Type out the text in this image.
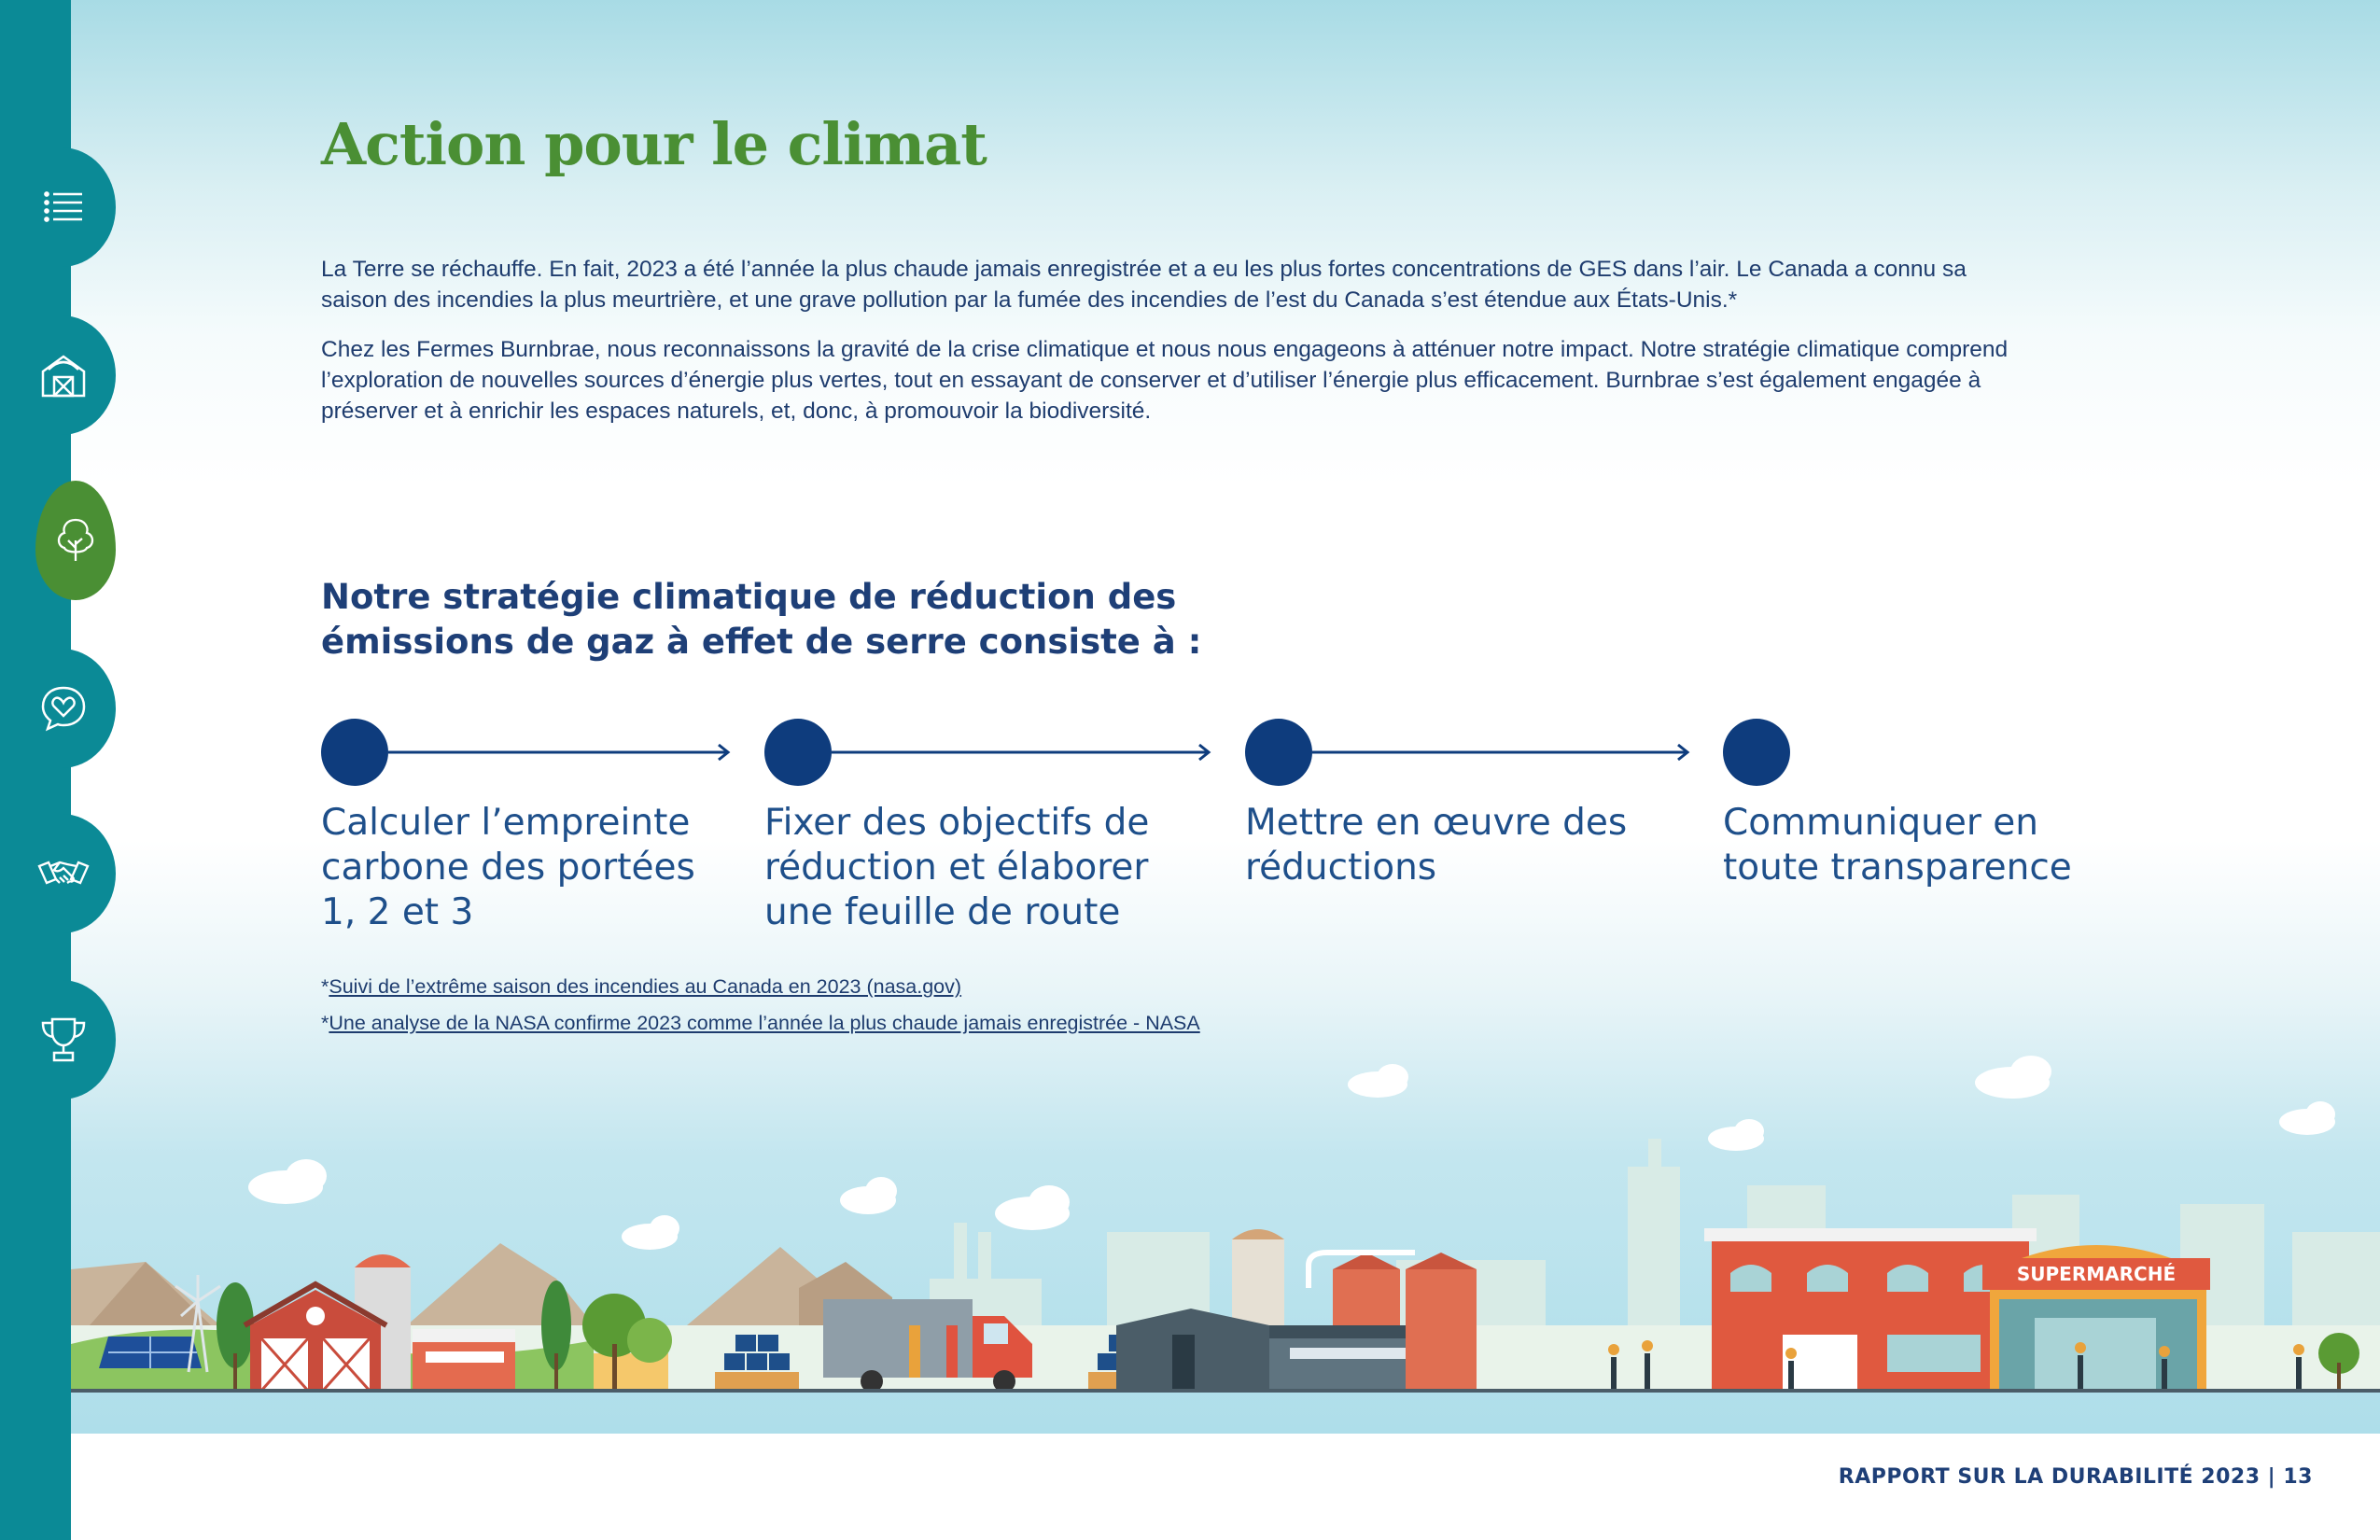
Action pour le climat

La Terre se réchauffe. En fait, 2023 a été l’année la plus chaude jamais enregistrée et a eu les plus fortes concentrations de GES dans l’air. Le Canada a connu sa saison des incendies la plus meurtrière, et une grave pollution par la fumée des incendies de l’est du Canada s’est étendue aux États-Unis.*

Chez les Fermes Burnbrae, nous reconnaissons la gravité de la crise climatique et nous nous engageons à atténuer notre impact. Notre stratégie climatique comprend l’exploration de nouvelles sources d’énergie plus vertes, tout en essayant de conserver et d’utiliser l’énergie plus efficacement. Burnbrae s’est également engagée à préserver et à enrichir les espaces naturels, et, donc, à promouvoir la biodiversité.

Notre stratégie climatique de réduction des émissions de gaz à effet de serre consiste à :
Calculer l’empreinte carbone des portées 1, 2 et 3
Fixer des objectifs de réduction et élaborer une feuille de route
Mettre en œuvre des réductions
Communiquer en toute transparence
*Suivi de l’extrême saison des incendies au Canada en 2023 (nasa.gov)
*Une analyse de la NASA confirme 2023 comme l’année la plus chaude jamais enregistrée - NASA
SUPERMARCHÉ
RAPPORT SUR LA DURABILITÉ 2023 | 13
